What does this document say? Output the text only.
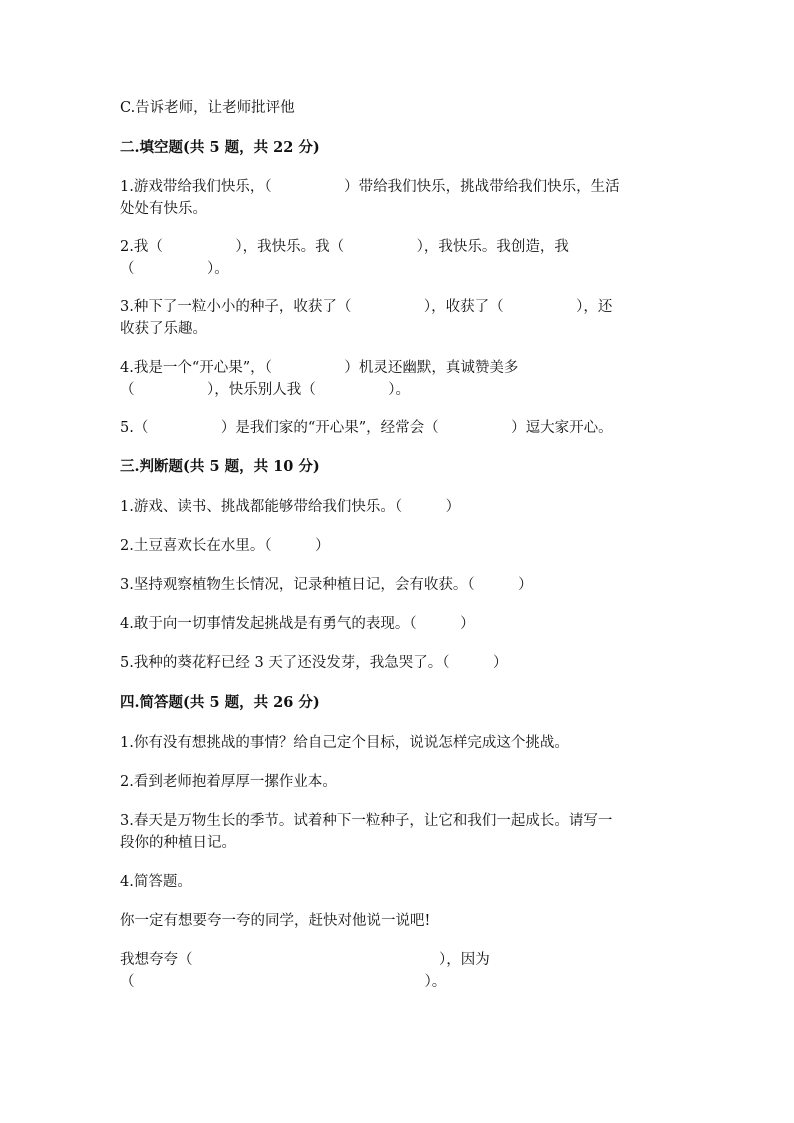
C.告诉老师，让老师批评他
二.填空题(共 5 题，共 22 分)
1.游戏带给我们快乐，（　　　　　）带给我们快乐，挑战带给我们快乐，生活
处处有快乐。
2.我（　　　　　），我快乐。我（　　　　　），我快乐。我创造，我
（　　　　　）。
3.种下了一粒小小的种子，收获了（　　　　　），收获了（　　　　　），还
收获了乐趣。
4.我是一个“开心果”，（　　　　　）机灵还幽默，真诚赞美多
（　　　　　），快乐别人我（　　　　　）。
5.（　　　　　）是我们家的“开心果”，经常会（　　　　　）逗大家开心。
三.判断题(共 5 题，共 10 分)
1.游戏、读书、挑战都能够带给我们快乐。（　　　）
2.土豆喜欢长在水里。（　　　）
3.坚持观察植物生长情况，记录种植日记，会有收获。（　　　）
4.敢于向一切事情发起挑战是有勇气的表现。（　　　）
5.我种的葵花籽已经 3 天了还没发芽，我急哭了。（　　　）
四.简答题(共 5 题，共 26 分)
1.你有没有想挑战的事情？给自己定个目标，说说怎样完成这个挑战。
2.看到老师抱着厚厚一摞作业本。
3.春天是万物生长的季节。试着种下一粒种子，让它和我们一起成长。请写一
段你的种植日记。
4.简答题。
你一定有想要夸一夸的同学，赶快对他说一说吧!
我想夸夸（　　　　　　　　　　　　　　　　　），因为
（　　　　　　　　　　　　　　　　　　　　）。
